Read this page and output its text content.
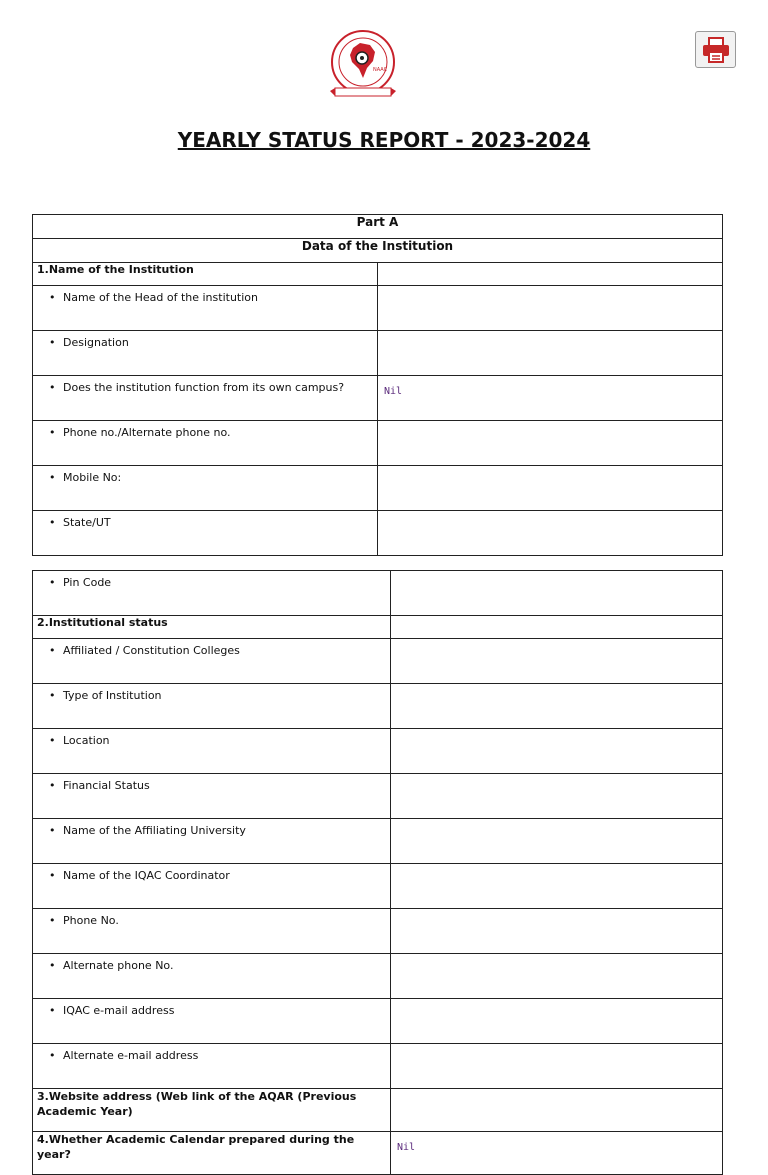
NAAC
YEARLY STATUS REPORT - 2023-2024
Part A	
Data of the Institution	
1.Name of the Institution	
• Name of the Head of the institution	
• Designation	
• Does the institution function from its own campus?	Nil
• Phone no./Alternate phone no.	
• Mobile No:	
• State/UT	
• Pin Code	
2.Institutional status	
• Affiliated / Constitution Colleges	
• Type of Institution	
• Location	
• Financial Status	
• Name of the Affiliating University	
• Name of the IQAC Coordinator	
• Phone No.	
• Alternate phone No.	
• IQAC e-mail address	
• Alternate e-mail address	
3.Website address (Web link of the AQAR (Previous Academic Year)	
4.Whether Academic Calendar prepared during the year?	Nil
